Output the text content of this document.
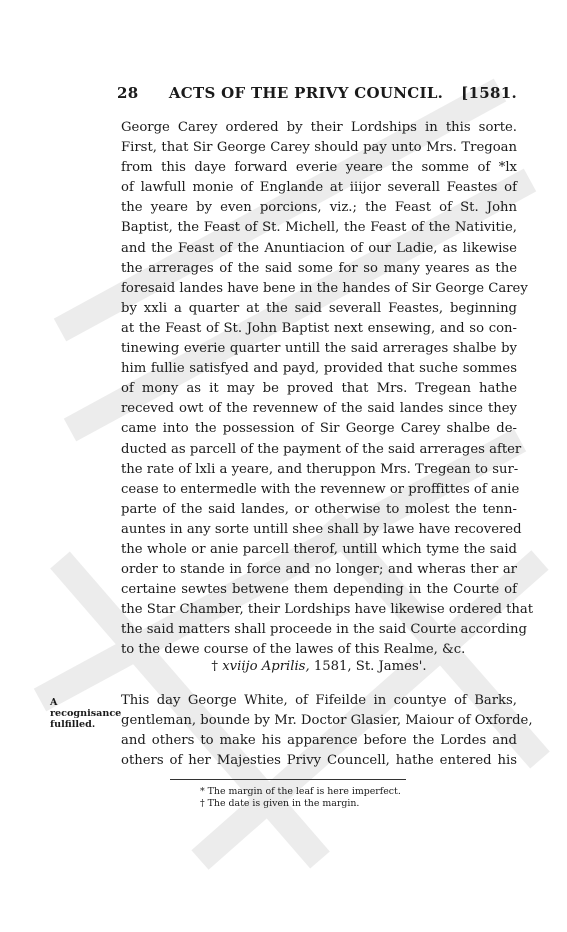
28	ACTS OF THE PRIVY COUNCIL.	[1581.
George Carey ordered by their Lordships in this sorte.
First, that Sir George Carey should pay unto Mrs. Tregoan
from this daye forward everie yeare the somme of *lx
of lawfull monie of Englande at iiijor severall Feastes of
the yeare by even porcions, viz.; the Feast of St. John
Baptist, the Feast of St. Michell, the Feast of the Nativitie,
and the Feast of the Anuntiacion of our Ladie, as likewise
the arrerages of the said some for so many yeares as the
foresaid landes have bene in the handes of Sir George Carey
by xxli a quarter at the said severall Feastes, beginning
at the Feast of St. John Baptist next ensewing, and so con-
tinewing everie quarter untill the said arrerages shalbe by
him fullie satisfyed and payd, provided that suche sommes
of mony as it may be proved that Mrs. Tregean hathe
receved owt of the revennew of the said landes since they
came into the possession of Sir George Carey shalbe de-
ducted as parcell of the payment of the said arrerages after
the rate of lxli a yeare, and theruppon Mrs. Tregean to sur-
cease to entermedle with the revennew or proffittes of anie
parte of the said landes, or otherwise to molest the tenn-
auntes in any sorte untill shee shall by lawe have recovered
the whole or anie parcell therof, untill which tyme the said
order to stande in force and no longer; and wheras ther ar
certaine sewtes betwene them depending in the Courte of
the Star Chamber, their Lordships have likewise ordered that
the said matters shall proceede in the said Courte according
to the dewe course of the lawes of this Realme, &c.
† xviijo Aprilis, 1581, St. James'.
A recognisance fulfilled.
This day George White, of Fifeilde in countye of Barks,
gentleman, bounde by Mr. Doctor Glasier, Maiour of Oxforde,
and others to make his apparence before the Lordes and
others of her Majesties Privy Councell, hathe entered his
* The margin of the leaf is here imperfect.
† The date is given in the margin.
